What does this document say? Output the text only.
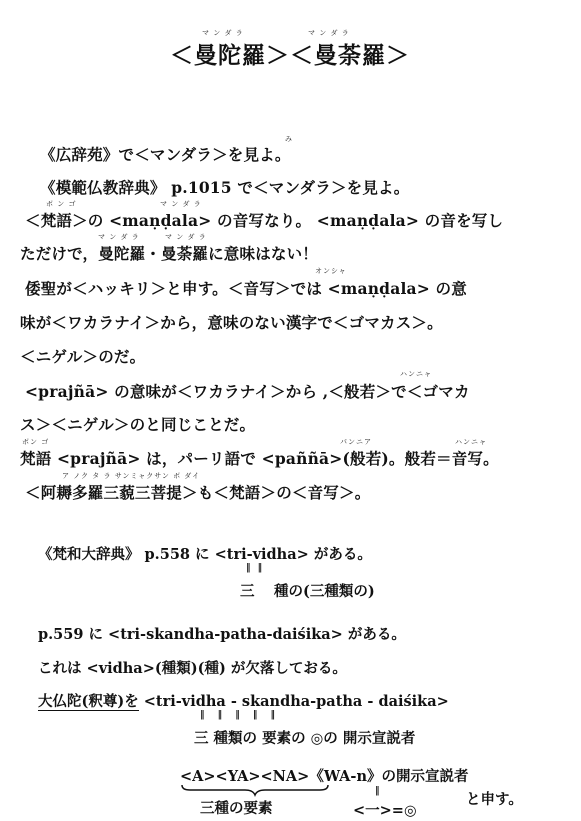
マ ン ダ ラ	マ ン ダ ラ
＜曼陀羅＞＜曼荼羅＞
み
《広辞苑》で＜マンダラ＞を見よ。
《模範仏教辞典》 p.1015 で＜マンダラ＞を見よ。
ボ ン ゴ	マ ン ダ ラ
＜梵語＞の <maṇḍala> の音写なり。 <maṇḍala> の音を写し
マ ン ダ ラ	マ ン ダ ラ
ただけで，曼陀羅・曼荼羅に意味はない！
オンシャ
倭聖が＜ハッキリ＞と申す。＜音写＞では <maṇḍala> の意
味が＜ワカラナイ＞から，意味のない漢字で＜ゴマカス＞。
＜ニゲル＞のだ。
ハンニャ
<prajñā> の意味が＜ワカラナイ＞から ,＜般若＞で＜ゴマカ
ス＞＜ニゲル＞のと同じことだ。
ボン ゴ	パンニア	ハンニャ
梵語 <prajñā> は，パーリ語で <paññā>(般若)。般若＝音写。
ア ノク タ ラ サンミャクサン ボ ダイ
＜阿耨多羅三藐三菩提＞も＜梵語＞の＜音写＞。
《梵和大辞典》 p.558 に <tri-vidha> がある。
‖ ‖
三　 種の(三種類の)
p.559 に <tri-skandha-patha-daiśika> がある。
これは <vidha>(種類)(種) が欠落しておる。
大仏陀(釈尊)を <tri-vidha - skandha-patha - daiśika>
‖ ‖ ‖ ‖ ‖
三 種類の 要素の ◎の 開示宣説者
<A><YA><NA>《WA-n》の開示宣説者
三種の要素
‖
<一>=◎
と申す。
